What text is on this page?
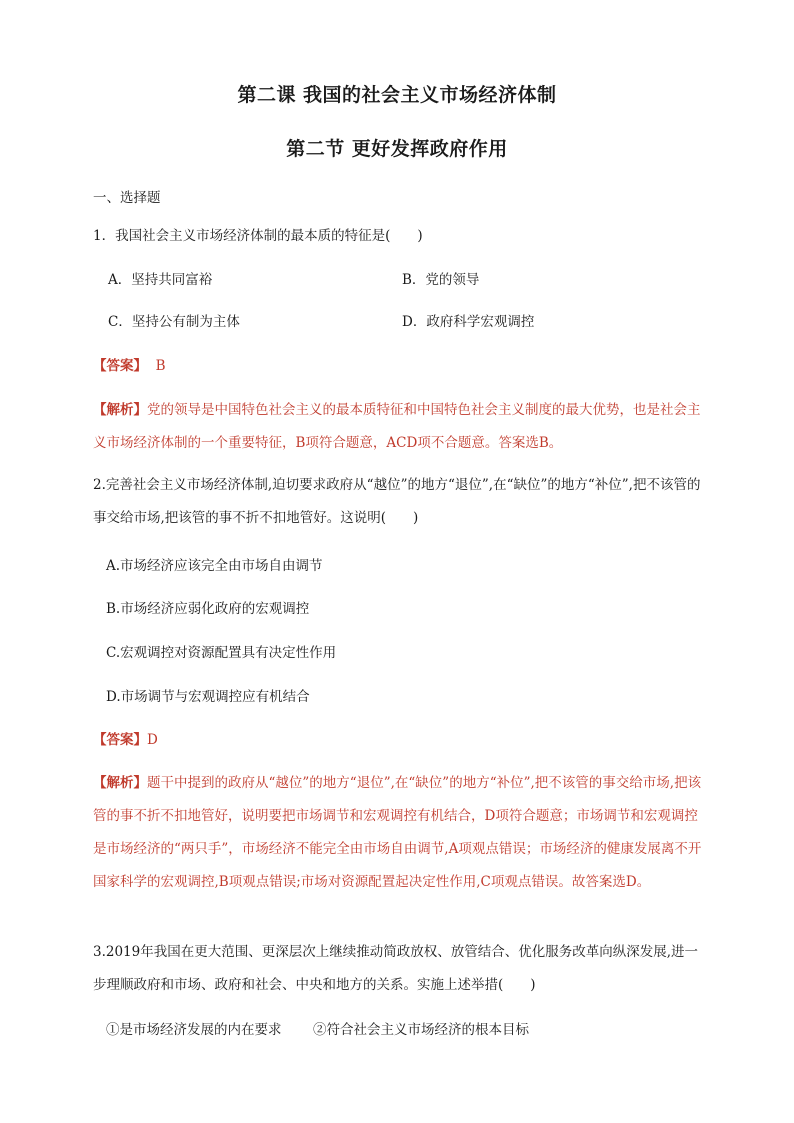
第二课 我国的社会主义市场经济体制
第二节 更好发挥政府作用
一、选择题
1．我国社会主义市场经济体制的最本质的特征是(　　)
A．坚持共同富裕	B．党的领导
C．坚持公有制为主体	D．政府科学宏观调控
【答案】  B
【解析】党的领导是中国特色社会主义的最本质特征和中国特色社会主义制度的最大优势，也是社会主义市场经济体制的一个重要特征，B项符合题意，ACD项不合题意。答案选B。
2.完善社会主义市场经济体制,迫切要求政府从“越位”的地方“退位”,在“缺位”的地方“补位”,把不该管的事交给市场,把该管的事不折不扣地管好。这说明(　　)
A.市场经济应该完全由市场自由调节
B.市场经济应弱化政府的宏观调控
C.宏观调控对资源配置具有决定性作用
D.市场调节与宏观调控应有机结合
【答案】D
【解析】题干中提到的政府从“越位”的地方“退位”,在“缺位”的地方“补位”,把不该管的事交给市场,把该管的事不折不扣地管好，说明要把市场调节和宏观调控有机结合，D项符合题意；市场调节和宏观调控是市场经济的“两只手”，市场经济不能完全由市场自由调节,A项观点错误；市场经济的健康发展离不开国家科学的宏观调控,B项观点错误;市场对资源配置起决定性作用,C项观点错误。故答案选D。
3.2019年我国在更大范围、更深层次上继续推动简政放权、放管结合、优化服务改革向纵深发展,进一步理顺政府和市场、政府和社会、中央和地方的关系。实施上述举措(　　)
①是市场经济发展的内在要求 ②符合社会主义市场经济的根本目标
